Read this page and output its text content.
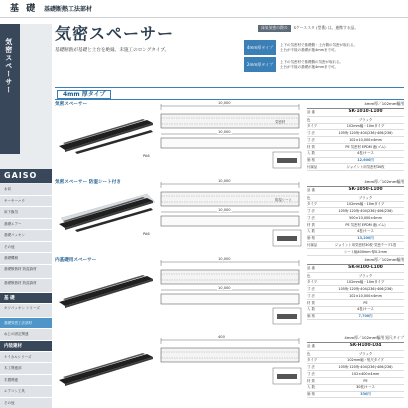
基 礎 基礎断熱工法部材
気密スペーサー
GAISO
水切
ヤーヤーハウ
床下換気
基礎エアー
基礎パッキン
その他
基礎機械
基礎断熱材 防湿資材
基礎断熱材 防湿資材
基 礎
キソパッキン シリーズ
基礎気密工法部材
ねじの固定関連
内装建材
ケイカルシリーズ
木工関連部
手摺関連
エアコン工具
その他
気密スペーサー
基礎断熱が基礎と土台を絶縁、未施工のロングタイプ。
床気気密の際の Sケーススタ (型番) は。連携する品。
4mm厚タイプ	上下の気密材で基礎側・土台側の気密が取れる。
土台が不陸の基礎が施4mmまで可。
2mm厚タイプ	上下の気密材で基礎側の気密が取れる。
土台が不陸の基礎が施4mmまで可。
4mm 厚タイプ
気密スペーサー
PA6
10,000
10,000
気密材
4mm厚／102mm幅用
品 番	SK-1010-L100
色	ブラック
タイプ	102mm幅・10mタイプ
寸 法	105角·120角·404(236)·406(236)
寸 法	102×10,000×4mm
材 質	PE 気密材 EPDM 液(ゴム)
入 数	4巻/ケース
価 格	12,600円
付属品	ジョイント用気密材30枚
気密スペーサー 防湿シート付き
PA6
10,000
10,000
防湿シート
4mm厚／102mm幅用
品 番	SK-1050-L100
色	ブラック
タイプ	102mm幅・10mタイプ
寸 法	105角·120角·404(236)·406(236)
寸 法	500×10,000×4mm
材 質	PE 気密材 EPDM 液(ゴム)
入 数	4巻/ケース
価 格	13,200円
付属品	ジョイント用気密材30枚·気密テープ1巻
シート幅400mm·厚0.2mm
内基礎用スペーサー	10,000
10,000
4mm厚／102mm幅用
品 番	SK-H100-L100
色	ブラック
タイプ	102mm幅・10mタイプ
寸 法	105角·120角·404(236)·406(236)
寸 法	102×10,000×4mm
材 質	PE
入 数	4巻/ケース
価 格	7,700円
400	4mm厚／102mm幅用 短尺タイプ
品 番	SK-H100-L04
色	ブラック
タイプ	102mm幅・短尺タイプ
寸 法	105角·120角·404(236)·406(236)
寸 法	102×400×4mm
材 質	PE
入 数	30枚/ケース
価 格	330円
